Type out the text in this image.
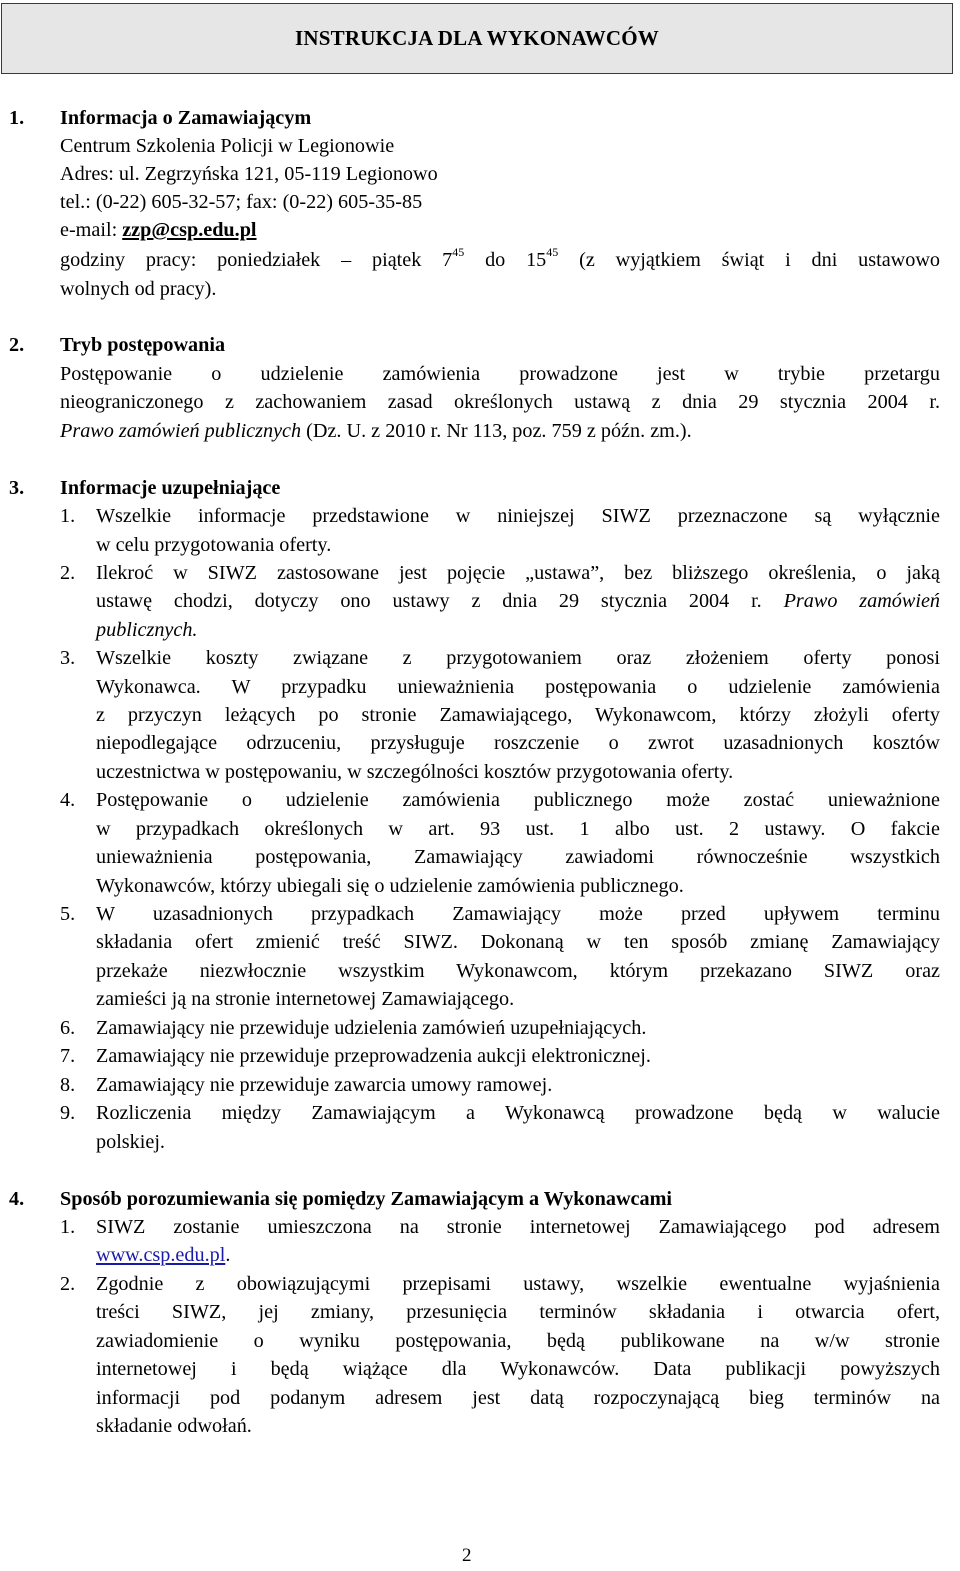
INSTRUKCJA DLA WYKONAWCÓW
1. Informacja o Zamawiającym
Centrum Szkolenia Policji w Legionowie
Adres: ul. Zegrzyńska 121, 05-119 Legionowo
tel.: (0-22) 605-32-57; fax: (0-22) 605-35-85
e-mail: zzp@csp.edu.pl
godziny pracy: poniedziałek – piątek $7^{45}$ do $15^{45}$ (z wyjątkiem świąt i dni ustawowo
wolnych od pracy).
2. Tryb postępowania
Postępowanie o udzielenie zamówienia prowadzone jest w trybie przetargu
nieograniczonego z zachowaniem zasad określonych ustawą z dnia 29 stycznia 2004 r.
Prawo zamówień publicznych (Dz. U. z 2010 r. Nr 113, poz. 759 z późn. zm.).
3. Informacje uzupełniające
1. Wszelkie informacje przedstawione w niniejszej SIWZ przeznaczone są wyłącznie
w celu przygotowania oferty.
2. Ilekroć w SIWZ zastosowane jest pojęcie „ustawa”, bez bliższego określenia, o jaką
ustawę chodzi, dotyczy ono ustawy z dnia 29 stycznia 2004 r. Prawo zamówień
publicznych.
3. Wszelkie koszty związane z przygotowaniem oraz złożeniem oferty ponosi
Wykonawca. W przypadku unieważnienia postępowania o udzielenie zamówienia
z przyczyn leżących po stronie Zamawiającego, Wykonawcom, którzy złożyli oferty
niepodlegające odrzuceniu, przysługuje roszczenie o zwrot uzasadnionych kosztów
uczestnictwa w postępowaniu, w szczególności kosztów przygotowania oferty.
4. Postępowanie o udzielenie zamówienia publicznego może zostać unieważnione
w przypadkach określonych w art. 93 ust. 1 albo ust. 2 ustawy. O fakcie
unieważnienia postępowania, Zamawiający zawiadomi równocześnie wszystkich
Wykonawców, którzy ubiegali się o udzielenie zamówienia publicznego.
5. W uzasadnionych przypadkach Zamawiający może przed upływem terminu
składania ofert zmienić treść SIWZ. Dokonaną w ten sposób zmianę Zamawiający
przekaże niezwłocznie wszystkim Wykonawcom, którym przekazano SIWZ oraz
zamieści ją na stronie internetowej Zamawiającego.
6. Zamawiający nie przewiduje udzielenia zamówień uzupełniających.
7. Zamawiający nie przewiduje przeprowadzenia aukcji elektronicznej.
8. Zamawiający nie przewiduje zawarcia umowy ramowej.
9. Rozliczenia między Zamawiającym a Wykonawcą prowadzone będą w walucie
polskiej.
4. Sposób porozumiewania się pomiędzy Zamawiającym a Wykonawcami
1. SIWZ zostanie umieszczona na stronie internetowej Zamawiającego pod adresem
www.csp.edu.pl.
2. Zgodnie z obowiązującymi przepisami ustawy, wszelkie ewentualne wyjaśnienia
treści SIWZ, jej zmiany, przesunięcia terminów składania i otwarcia ofert,
zawiadomienie o wyniku postępowania, będą publikowane na w/w stronie
internetowej i będą wiążące dla Wykonawców. Data publikacji powyższych
informacji pod podanym adresem jest datą rozpoczynającą bieg terminów na
składanie odwołań.
2
